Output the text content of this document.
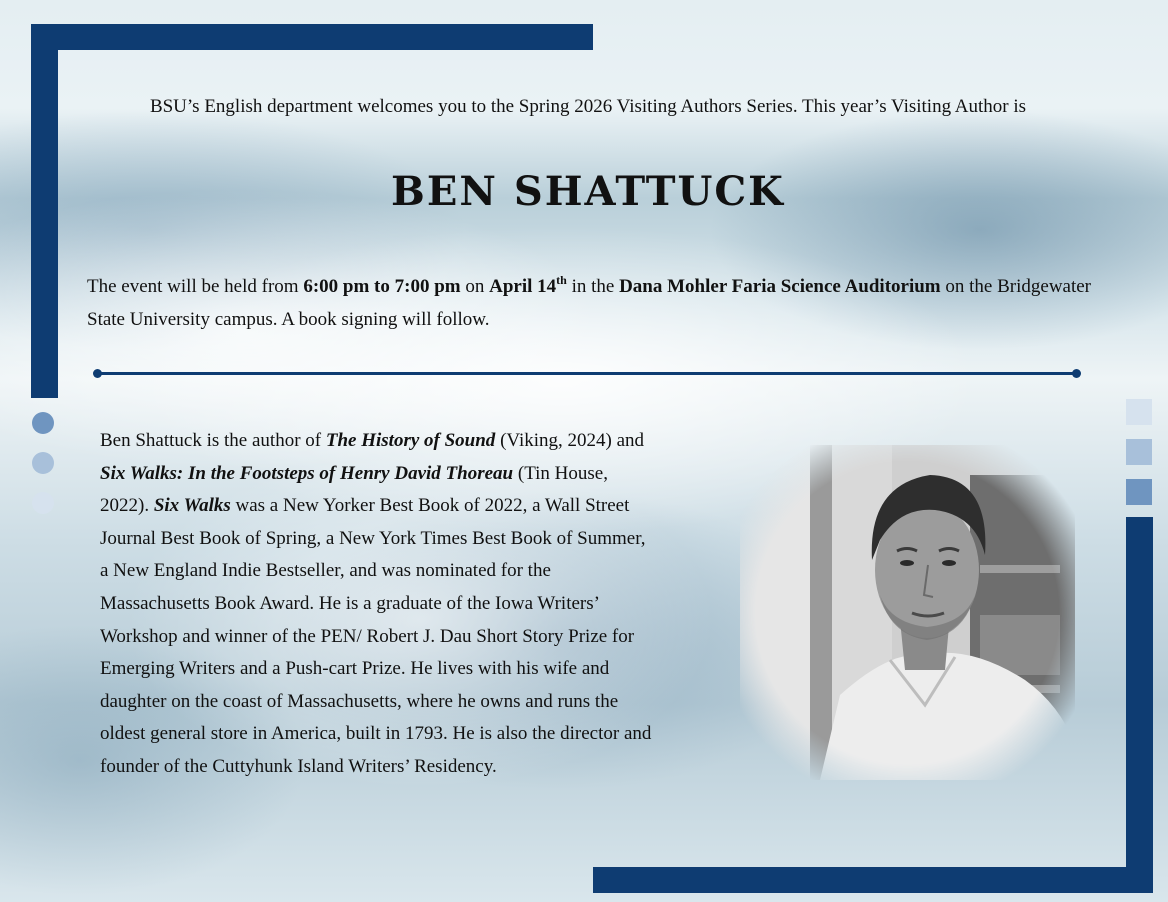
BSU’s English department welcomes you to the Spring 2026 Visiting Authors Series. This year’s Visiting Author is

BEN SHATTUCK

The event will be held from 6:00 pm to 7:00 pm on April 14th in the Dana Mohler Faria Science Auditorium on the Bridgewater State University campus. A book signing will follow.

Ben Shattuck is the author of The History of Sound (Viking, 2024) and Six Walks: In the Footsteps of Henry David Thoreau (Tin House, 2022). Six Walks was a New Yorker Best Book of 2022, a Wall Street Journal Best Book of Spring, a New York Times Best Book of Summer, a New England Indie Bestseller, and was nominated for the Massachusetts Book Award. He is a graduate of the Iowa Writers’ Workshop and winner of the PEN/ Robert J. Dau Short Story Prize for Emerging Writers and a Push-cart Prize. He lives with his wife and daughter on the coast of Massachusetts, where he owns and runs the oldest general store in America, built in 1793. He is also the director and founder of the Cuttyhunk Island Writers’ Residency.
